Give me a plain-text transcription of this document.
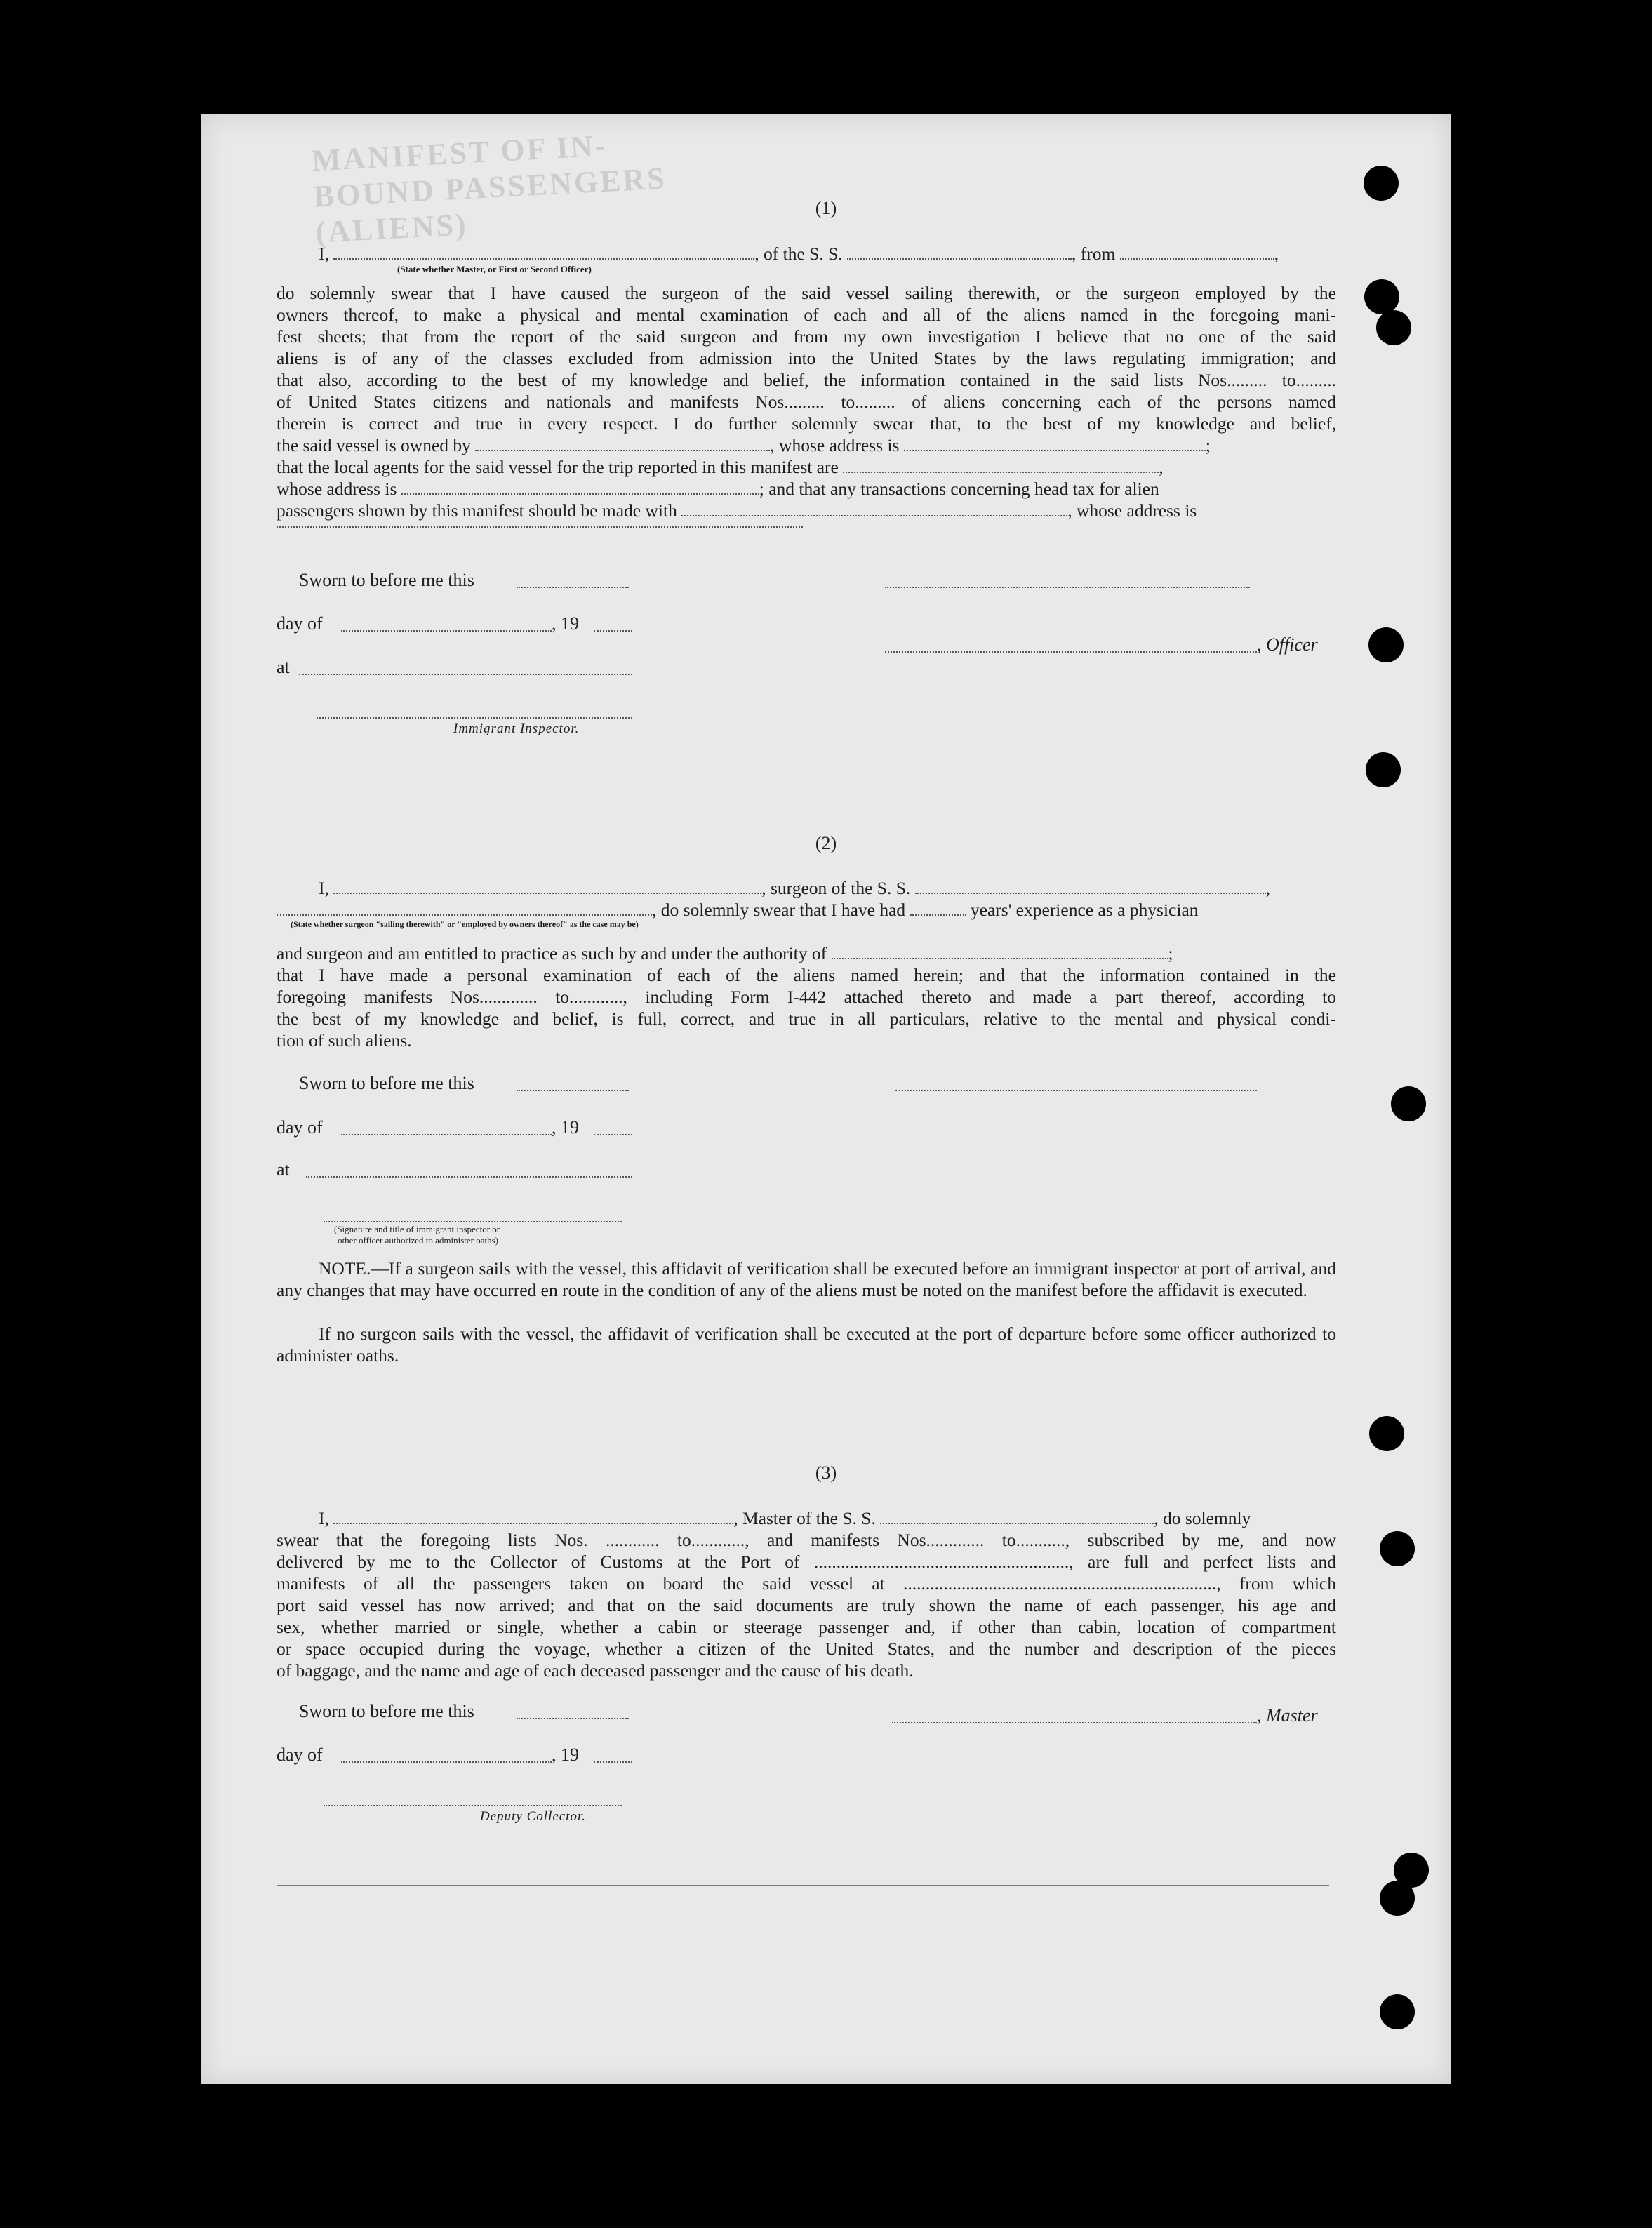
MANIFEST OF IN-BOUND PASSENGERS (ALIENS)	(1)
I,	, of the S. S.	, from	,
(State whether Master, or First or Second Officer)
do solemnly swear that I have caused the surgeon of the said vessel sailing therewith, or the surgeon employed by the
owners thereof, to make a physical and mental examination of each and all of the aliens named in the foregoing mani-
fest sheets; that from the report of the said surgeon and from my own investigation I believe that no one of the said
aliens is of any of the classes excluded from admission into the United States by the laws regulating immigration; and
that also, according to the best of my knowledge and belief, the information contained in the said lists Nos......... to.........
of United States citizens and nationals and manifests Nos......... to......... of aliens concerning each of the persons named
therein is correct and true in every respect. I do further solemnly swear that, to the best of my knowledge and belief,
the said vessel is owned by	, whose address is	;
that the local agents for the said vessel for the trip reported in this manifest are	,
whose address is	; and that any transactions concerning head tax for alien
passengers shown by this manifest should be made with	, whose address is
Sworn to before me this
day of	, 19
, Officer
at
Immigrant Inspector.
(2)
I,	, surgeon of the S. S.	,
, do solemnly swear that I have had	years' experience as a physician
(State whether surgeon "sailing therewith" or "employed by owners thereof" as the case may be)
and surgeon and am entitled to practice as such by and under the authority of	;
that I have made a personal examination of each of the aliens named herein; and that the information contained in the
foregoing manifests Nos............. to............, including Form I-442 attached thereto and made a part thereof, according to
the best of my knowledge and belief, is full, correct, and true in all particulars, relative to the mental and physical condi-
tion of such aliens.
Sworn to before me this
day of	, 19
at
(Signature and title of immigrant inspector or
other officer authorized to administer oaths)
NOTE.—If a surgeon sails with the vessel, this affidavit of verification shall be executed before an immigrant inspector at port of arrival, and any changes that may have occurred en route in the condition of any of the aliens must be noted on the manifest before the affidavit is executed.
If no surgeon sails with the vessel, the affidavit of verification shall be executed at the port of departure before some officer authorized to administer oaths.
(3)
I,	, Master of the S. S.	, do solemnly
swear that the foregoing lists Nos. ............ to............, and manifests Nos............. to..........., subscribed by me, and now
delivered by me to the Collector of Customs at the Port of ........................................................., are full and perfect lists and
manifests of all the passengers taken on board the said vessel at ......................................................................, from which
port said vessel has now arrived; and that on the said documents are truly shown the name of each passenger, his age and
sex, whether married or single, whether a cabin or steerage passenger and, if other than cabin, location of compartment
or space occupied during the voyage, whether a citizen of the United States, and the number and description of the pieces
of baggage, and the name and age of each deceased passenger and the cause of his death.
Sworn to before me this	, Master
day of	, 19
Deputy Collector.
